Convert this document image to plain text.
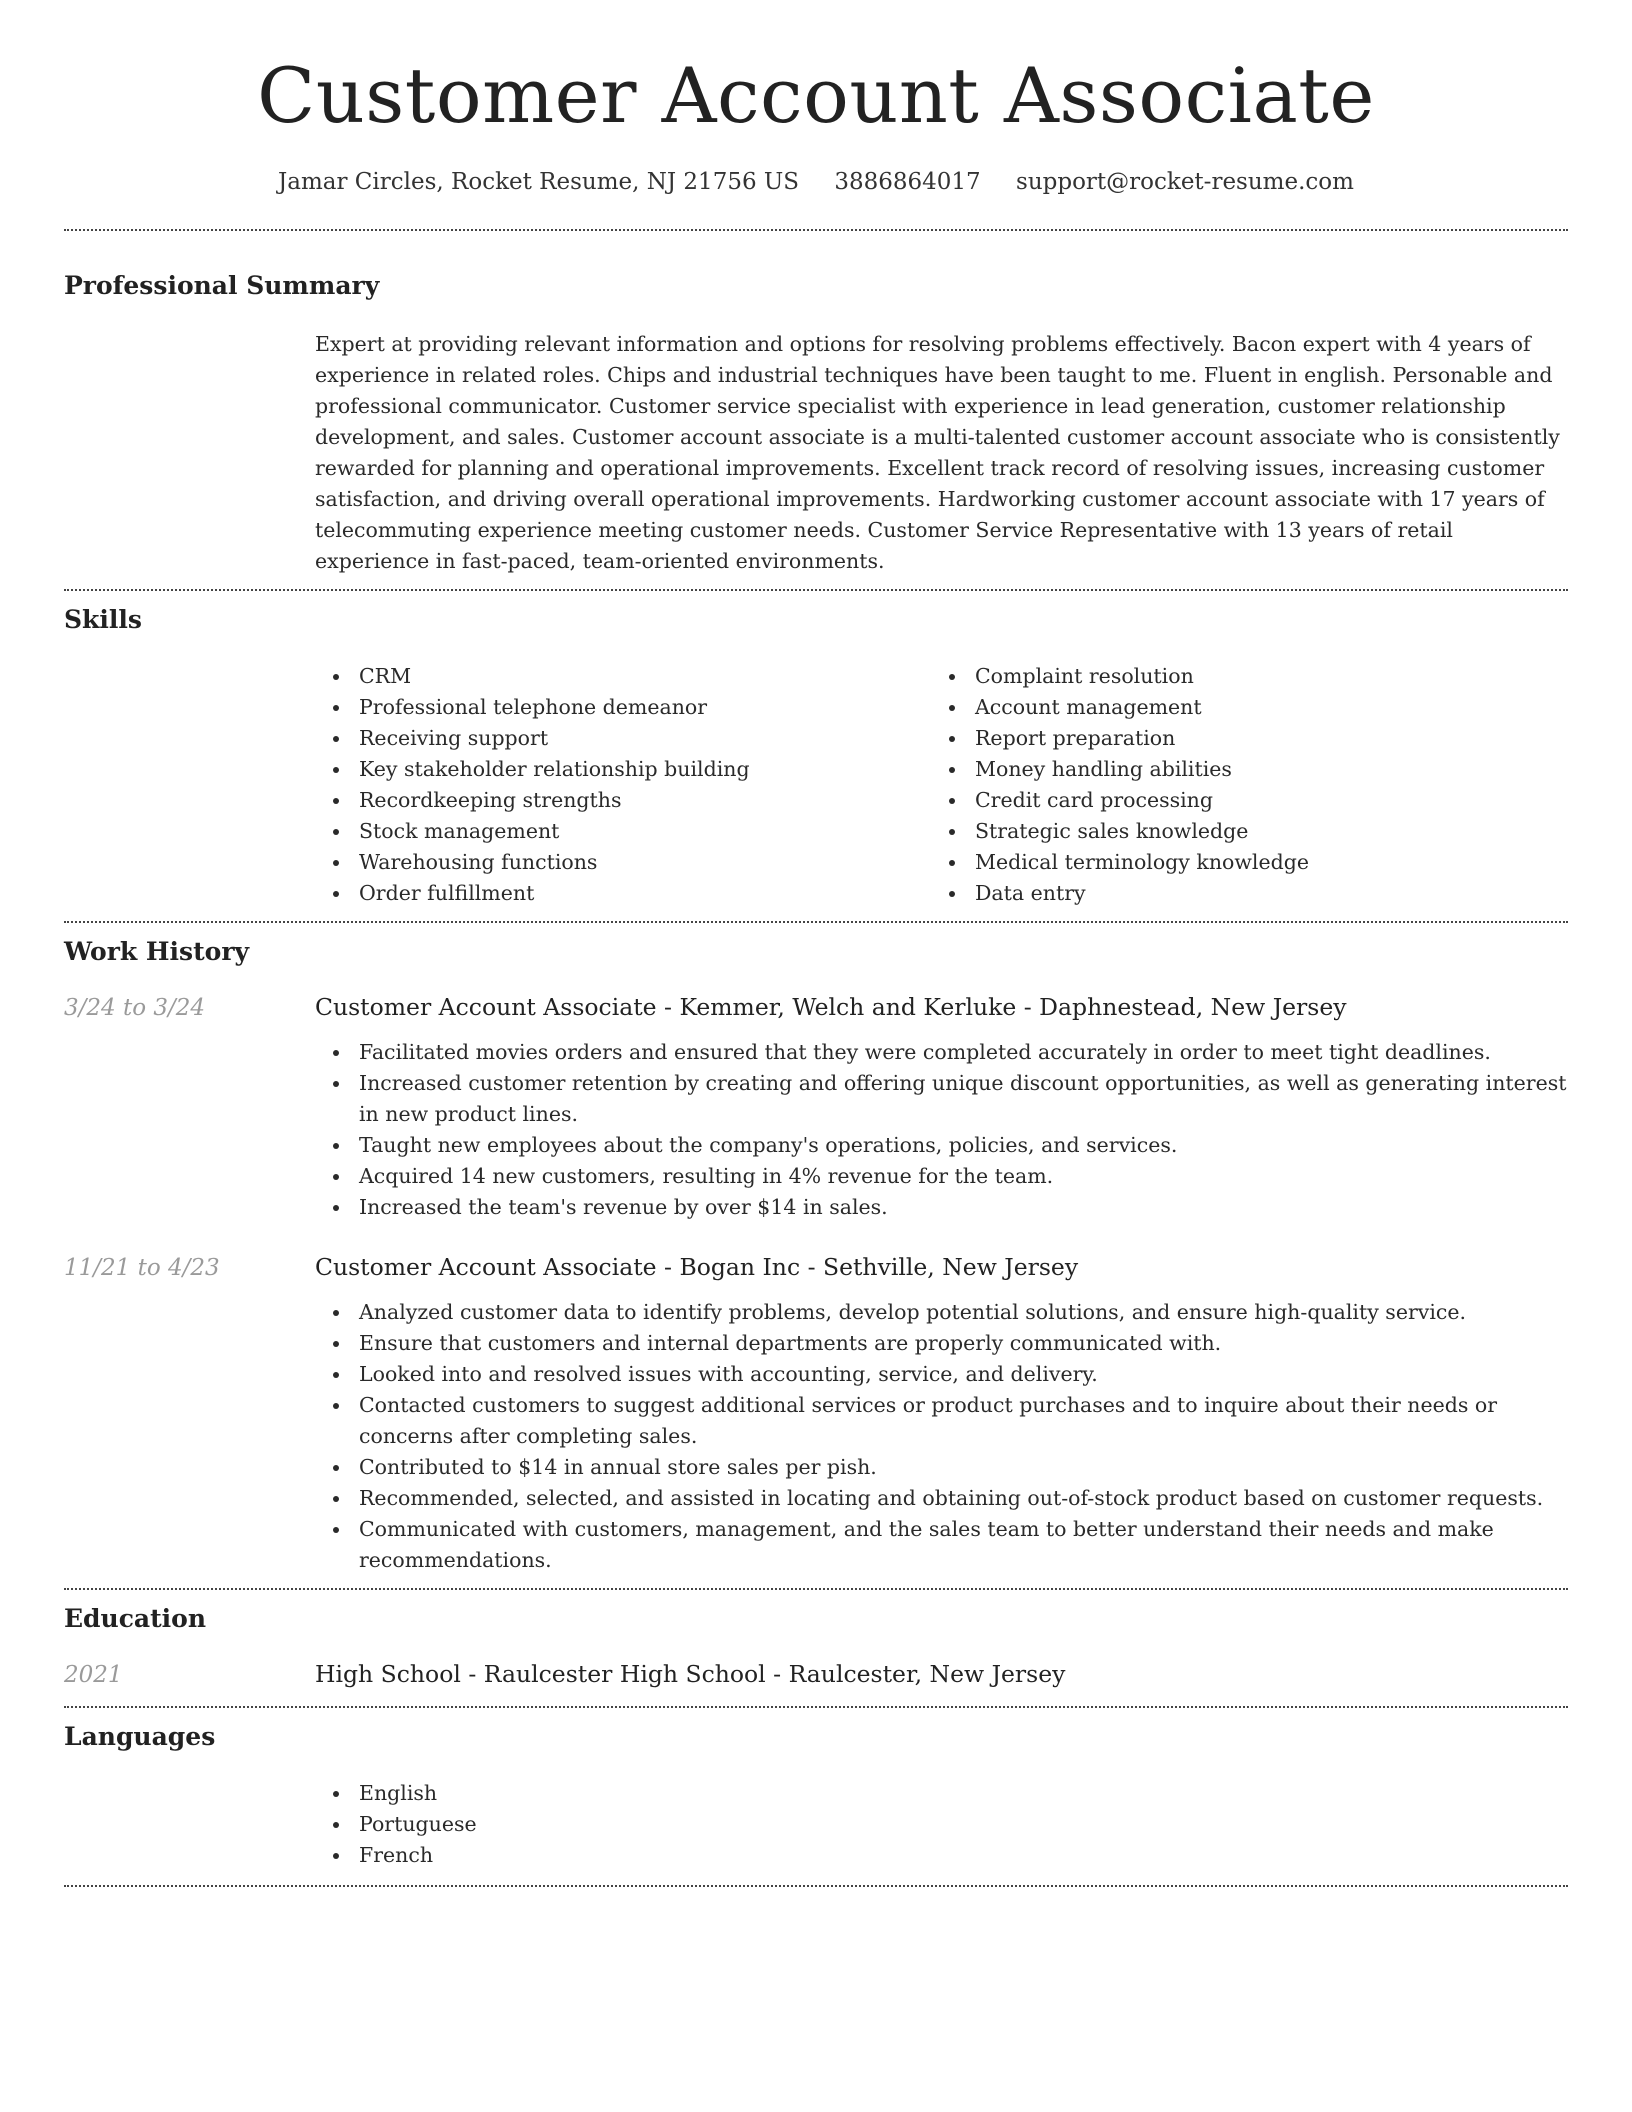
Customer Account Associate
Jamar Circles, Rocket Resume, NJ 21756 US 3886864017 support@rocket-resume.com
Professional Summary

Expert at providing relevant information and options for resolving problems effectively. Bacon expert with 4 years of experience in related roles. Chips and industrial techniques have been taught to me. Fluent in english. Personable and professional communicator. Customer service specialist with experience in lead generation, customer relationship development, and sales. Customer account associate is a multi-talented customer account associate who is consistently rewarded for planning and operational improvements. Excellent track record of resolving issues, increasing customer satisfaction, and driving overall operational improvements. Hardworking customer account associate with 17 years of telecommuting experience meeting customer needs. Customer Service Representative with 13 years of retail experience in fast-paced, team-oriented environments.

Skills
CRM
Professional telephone demeanor
Receiving support
Key stakeholder relationship building
Recordkeeping strengths
Stock management
Warehousing functions
Order fulfillment
Complaint resolution
Account management
Report preparation
Money handling abilities
Credit card processing
Strategic sales knowledge
Medical terminology knowledge
Data entry
Work History
3/24 to 3/24	Customer Account Associate - Kemmer, Welch and Kerluke - Daphnestead, New Jersey
Facilitated movies orders and ensured that they were completed accurately in order to meet tight deadlines.
Increased customer retention by creating and offering unique discount opportunities, as well as generating interest in new product lines.
Taught new employees about the company's operations, policies, and services.
Acquired 14 new customers, resulting in 4% revenue for the team.
Increased the team's revenue by over $14 in sales.
11/21 to 4/23	Customer Account Associate - Bogan Inc - Sethville, New Jersey
Analyzed customer data to identify problems, develop potential solutions, and ensure high-quality service.
Ensure that customers and internal departments are properly communicated with.
Looked into and resolved issues with accounting, service, and delivery.
Contacted customers to suggest additional services or product purchases and to inquire about their needs or concerns after completing sales.
Contributed to $14 in annual store sales per pish.
Recommended, selected, and assisted in locating and obtaining out-of-stock product based on customer requests.
Communicated with customers, management, and the sales team to better understand their needs and make recommendations.
Education
2021	High School - Raulcester High School - Raulcester, New Jersey
Languages
English
Portuguese
French
